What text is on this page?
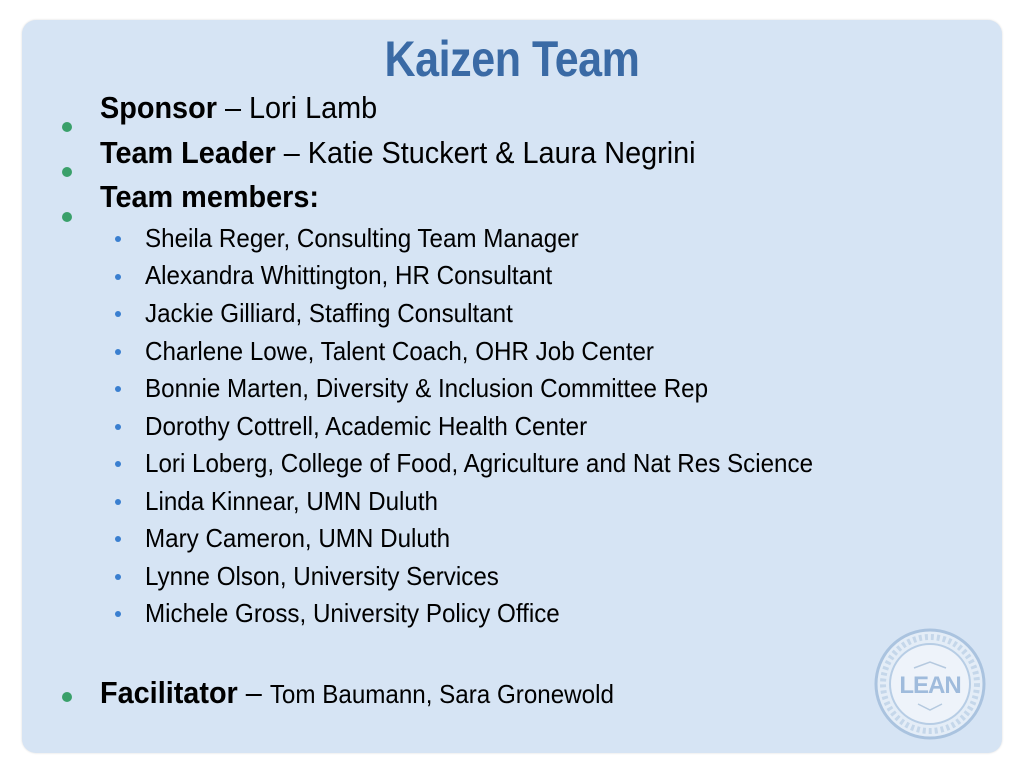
Kaizen Team
Sponsor – Lori Lamb
Team Leader – Katie Stuckert & Laura Negrini
Team members:
Sheila Reger, Consulting Team Manager
Alexandra Whittington, HR Consultant
Jackie Gilliard, Staffing Consultant
Charlene Lowe, Talent Coach, OHR Job Center
Bonnie Marten, Diversity & Inclusion Committee Rep
Dorothy Cottrell, Academic Health Center
Lori Loberg, College of Food, Agriculture and Nat Res Science
Linda Kinnear, UMN Duluth
Mary Cameron, UMN Duluth
Lynne Olson, University Services
Michele Gross, University Policy Office
Facilitator – Tom Baumann, Sara Gronewold	LEAN
